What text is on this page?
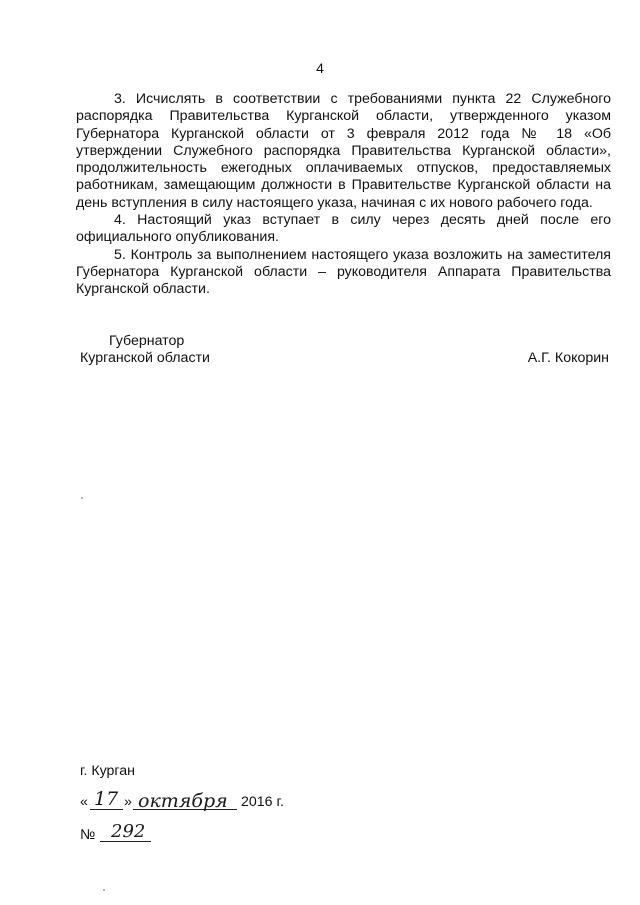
4

3. Исчислять в соответствии с требованиями пункта 22 Служебного распорядка Правительства Курганской области, утвержденного указом Губернатора Курганской области от 3 февраля 2012 года № 18 «Об утверждении Служебного распорядка Правительства Курганской области», продолжительность ежегодных оплачиваемых отпусков, предоставляемых работникам, замещающим должности в Правительстве Курганской области на день вступления в силу настоящего указа, начиная с их нового рабочего года.

4. Настоящий указ вступает в силу через десять дней после его официального опубликования.

5. Контроль за выполнением настоящего указа возложить на заместителя Губернатора Курганской области – руководителя Аппарата Правительства Курганской области.

Губернатор
Курганской области	А.Г. Кокорин
г. Курган
« 17 » октября 2016 г.
№ 292
